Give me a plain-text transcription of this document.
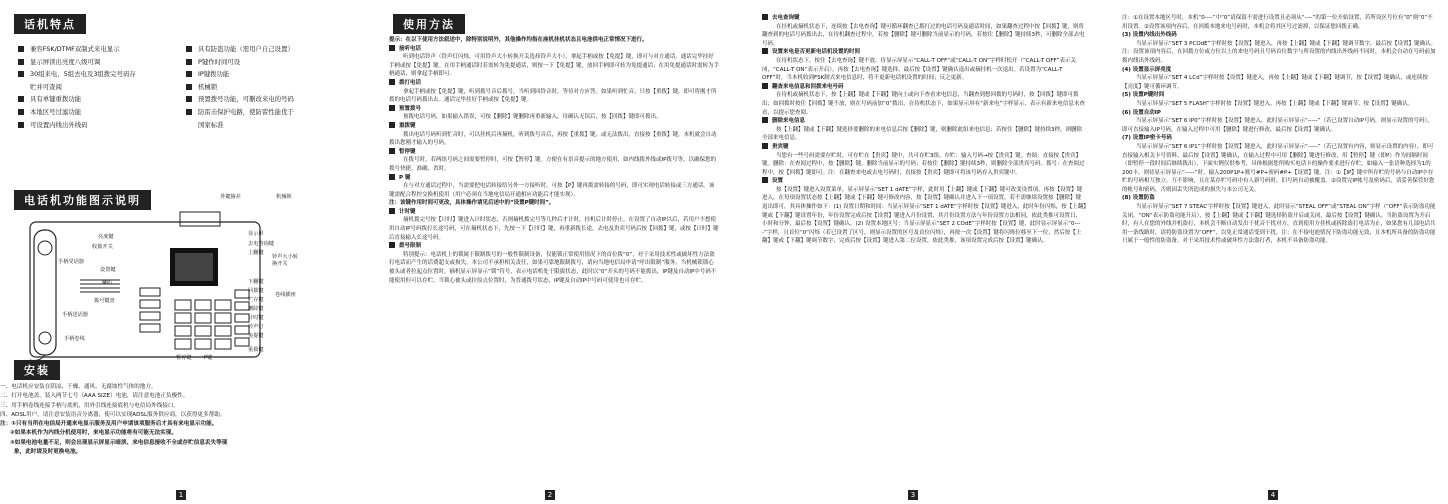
话机特点
兼容FSK/DTMF双制式来电显示
显示屏读出亮度八级可调
30组来电、5组去电及3组拨完号码存
贮并可查阅
具有单键重拨功能
本地区号过滤功能
可设置内线出外线码
具有防盗功能（需用户自己设置）
P键作时间可设
IP键拨功能
机械锁
预置拨号功能，可删改来电的号码
防雷击保护电路，使防雷性能优于
国家标准
电话机功能图示说明	外键摘差	机械锁
手柄受话器
亮度键
收拨开关
设置键
喇叭
拨号键盘
手柄送话器
手柄卷线
显示屏
去电查询键
上翻键
下翻键
铃声大小转换开关
回拨键
贮存键
删除键
计时键
铃声灯
免提键
重拨键
卷线插座
暂停键 P键
安装

一、电话机应安装在阴凉、干燥、通风、无腐蚀性气体的地方。

二、打开电池盖，装入两节七号（AAA SIZE）电池，请注意电池正负极性。

三、用手柄卷线连接手柄与底机，用外引线连接底机与电信局外线接口。

四、ADSL用户，请注意安装语音分离器，使可以实现ADSL服务供应商，以获得更多帮助。

注：①只有当所在电信局开通来电显示服务及用户申请该项服务后才具有来电显示功能。

②如果本机作为内线分机使用时，来电显示功能将有可能无法实现。

③如果电池电量不足，则会出现显示屏显示暗淡、来电信息接收不全或存贮信息丢失等现

象，此时请及时更换电池。

1
使用方法

提示：在以下使用方法叙述中，除特别说明外，其他操作均指在座机挂机状态且电池供电正常情况下进行。

接听电话

听到电话铃声（铃声灯闪烁，可用铃声大小转换开关选择铃声大小），拿起手柄或按【免提】键，即可与对方通话。通话完毕挂好手柄或按【免提】键。在用手柄通话时若需转为免提通话，则按一下【免提】键，放回手柄即可转为免提通话；在用免提通话时需转为手柄通话，则拿起手柄即可。

拨打电话

拿起手柄或按【免提】键，听到拨号音后拨号，当听到回铃音时，等待对方应答。如果听到忙音，只按【重拨】键，即可将刚才所拨的电话号码拨出去。通话完毕挂好手柄或按【免提】键。

预置拨号

预拨电话号码，如果输入错误，可按【删除】键删除再重新输入，待确认无误后，按【回拨】键即可拨出。

重拨键

拨出电话号码听到忙音时，可以挂机后再摘机，听到拨号音后，再按【重拨】键，或无法拨出，直接按【重拨】键，本机就会自动拨出您刚才输入的号码。

暂停键

在拨号时，若两组号码之间需要暂停时，可按【暂停】键。方便在有语音提示的地方使用，如内线拨外线或IP拨号等，以确保您的拨号快捷、准确、省时。

P 键

在与对方通话过程中，当需要把电话转接给另外一方接听时，可按【P】键再拨需转接的号码，即可实现电话转接或三方通话。该键需配合程控交换机使用（用户必须在当地电信局开通相应功能后才能实现）。

注：该键作用时间可更改，具体操作请见后述中的“设置P键时间”。

计时键

摘机拨完号按【计时】键进入计时状态，否则摘机拨完号等几秒后才计时，挂机后计时停止。在设置了自动IP以后，若用户不想使用自动IP号码拨打长途号码，可在摘机状态下，先按一下【计时】键，再重新拨长途，去电及贵宾号码后按【回拨】键，或按【计时】键后直接输入长途号码。

拨号限制

特别提示：电话机上的锁属于限制拨号的一般性限制设备，仅能锁正常使用情况下的首位拨“0”，对于采用技术性或破坏性方法盗打电话而产生的话费超支或损失，本公司不承担相关责任，如果可靠地限制拨号，请向当地电信局申请“呼出限制”服务。当机械锁锁心被头或者拉起点位置时，摘机显示屏显示“锁”符号，表示电话机处于限拔状态，此时以“0”开头的号码不能拨出，IP键及自动IP中号码不能使用但可以存贮。当锁心被头或拉原点位置时，为普通拨号状态，IP键及自动IP中号码可使用也可存贮。

2

去电查询键

在挂机或摘机状态下，连续按【去电查询】键可循环翻查已拨打过的电话号码及通话时间，如果翻查过程中按【回拨】键，则将翻查到的电话号码拨出去，在待机翻查过程中，若按【删除】键可删除当前显示的号码，若按住【删除】键持续3秒，可删除全部去电号码。

设置来电是否更新电话机设置的时间

在待机状态下，按住【去电查询】键不放，待显示屏显示“CALL-T OFF”或“CALL-T ON”字样时松开（“CALL-T OFF”表示关闭，“CALL-T ON”表示开启），再按【去电查询】键选择，最后按【设置】键确认退出或摘挂机一次退出。若设置为“CALL-T OFF”时，当本机收到FSK制式来电信息时，将不更新电话机设置的时间；反之更新。

翻查来电信息和回拨来电号码

在待机或摘机状态下，按【上翻】键或【下翻】键向上或向下查看来电信息，当翻查到想回拨的号码时，按【回拨】键即可拨出；如回拨时按住【回拨】键不放，则在号码前加“0”拨出，在待机状态下，如果显示屏有“新来电”字样显示，表示有新来电信息未查看，以提示您查阅。

删除来电信息

按【上翻】键或【下翻】键选择要删除的来电信息后按【删除】键，则删除此组来电信息；若按住【删除】键持续3秒，则删除全部来电信息。

贵宾键

当您有一些号码需要存贮时，可存贮在【贵宾】键中，共可存贮3组。存贮：输入号码→按【贵宾】键。查阅：直接按【贵宾】键。删除：在查阅过程中，按【删除】键，删除当前显示的号码；若按住【删除】键持续3秒，则删除全部贵宾号码。拨号：在查阅过程中，按【回拨】键即可。注：在翻查来电或去电号码时，直接按【贵宾】键即可将该号码存入贵宾键中。

设置

按【设置】键进入设置菜单，显示屏显示“SET 1 dATE”字样，此时用【上翻】键或【下翻】键可改变设置项，再按【设置】键进入，在每项设置状态按【上翻】键或【下翻】键可修改内容，按【设置】键确认并进入下一项设置，若不需继续设置按【删除】键退出即可，其具体操作如下：(1) 设置日期和时间：当显示屏显示“SET 1 dATE”字样时按【设置】键进入，此时年份闪烁，按【上翻】键或【下翻】键设置年份，年份设置完成后按【设置】键进入月份设置，其月份设置方法与年份设置方法相同，依此类推可设置日、小时和分钟，最后按【设置】键确认。(2) 设置本地区号：当显示屏显示“SET 2 COdE”字样时按【设置】键，此时显示屏显示“0----”字样，且首位“0”闪烁（若已设置了区号，则显示设置的区号及首位闪烁），再按一次【设置】键将闪烁位移至下一位，然后按【上翻】键或【下翻】键调节数字，完成后按【设置】键进入第二位设置，依此类推，该项设置完成后按【设置】键确认。

3

注：①在设置本地区号时，本机“0----”中“0”请保留不需进行设置且必须从“----”的第一位开始设置，若所设区号位有“0”则“0”不用设置。②设置该项内容后，在回拨本地来电号码时，本机会将其区号过滤掉，以保证您回拨正确。

(3) 设置内线出外线码

当显示屏显示“SET 3 PCOdE”字样时按【设置】键进入，再按【上翻】键或【下翻】键调节数字，最后按【设置】键确认。注：设置该项内容后，在回拨方位或方位以上的来电号码且号码首位数字与所设置的内线出外线码不同时，本机会自动在号码前加拨内线出外线码。

(4) 设置显示屏亮度

当显示屏显示“SET 4 LCd”字样时按【设置】键进入，再按【上翻】键或【下翻】键调节，按【设置】键确认，或连续按【亮度】键可循环调节。

(5) 设置P键时间

当显示屏显示“SET 5 FLASH”字样时按【设置】键进入，再按【上翻】键或【下翻】键调节，按【设置】键确认。

(6) 设置自动IP

当显示屏显示“SET 6 IP0”字样时按【设置】键进入，此时显示屏显示“-----”（若已设置自动IP号码，则显示设置的号码），即可直接输入IP号码，在输入过程中可用【删除】键进行修改，最后按【设置】键确认。

(7) 设置IP密卡号码

当显示屏显示“SET 6 IP1”字样时按【设置】键进入，此时显示屏显示“-----”（若已设置有内容，则显示设置的内容），即可直接输入相关卡号资料，最后按【设置】键确认，在输入过程中可用【删除】键进行修改，用【暂停】键（即P）作为间隔时间（即暂停一段时间后继续拨出），下面实例仅供参考，具体根据您所购买电话卡的操作要求进行存贮。如输入一张语种选择为1的200卡，则待显示屏显示“-----”时，输入200P1P+账号#P+密码#P+【设置】键。注：①【IP】键中所存贮的号码与自动IP中存贮的号码相互独立，互不影响，且在某存贮号码中有人新号码时，旧号码自动被覆盖。②设置完IP帐号及密码后，请妥善保管好您的帐号和密码，否则因丢失所造成的损失与本公司无关。

(8) 设置防盗

当显示屏显示“SET 7 STEAL”字样时按【设置】键进入，此时显示“STEAL OFF”或“STEAL ON”字样（“OFF”表示防盗功能关闭，“ON”表示防盗功能开启），按【上翻】键或【下翻】键选择防盗开启或关闭，最后按【设置】键确认。当防盗设置为开启时，有人在您的外线并机盗打，本机会不断自动发出干扰音干扰对方，直到使用方挂机或拆除盗打电话为止，如果您有几部电话共用一条线路时，请将防盗设置为“OFF”，以免正常通话受到干扰。注：在不接电池情况下防盗功能无效，且本机所具备的防盗功能只属于一般性的防盗备，对于采用技术性或破坏性方法盗打者，本机不具备防盗功能。

4
